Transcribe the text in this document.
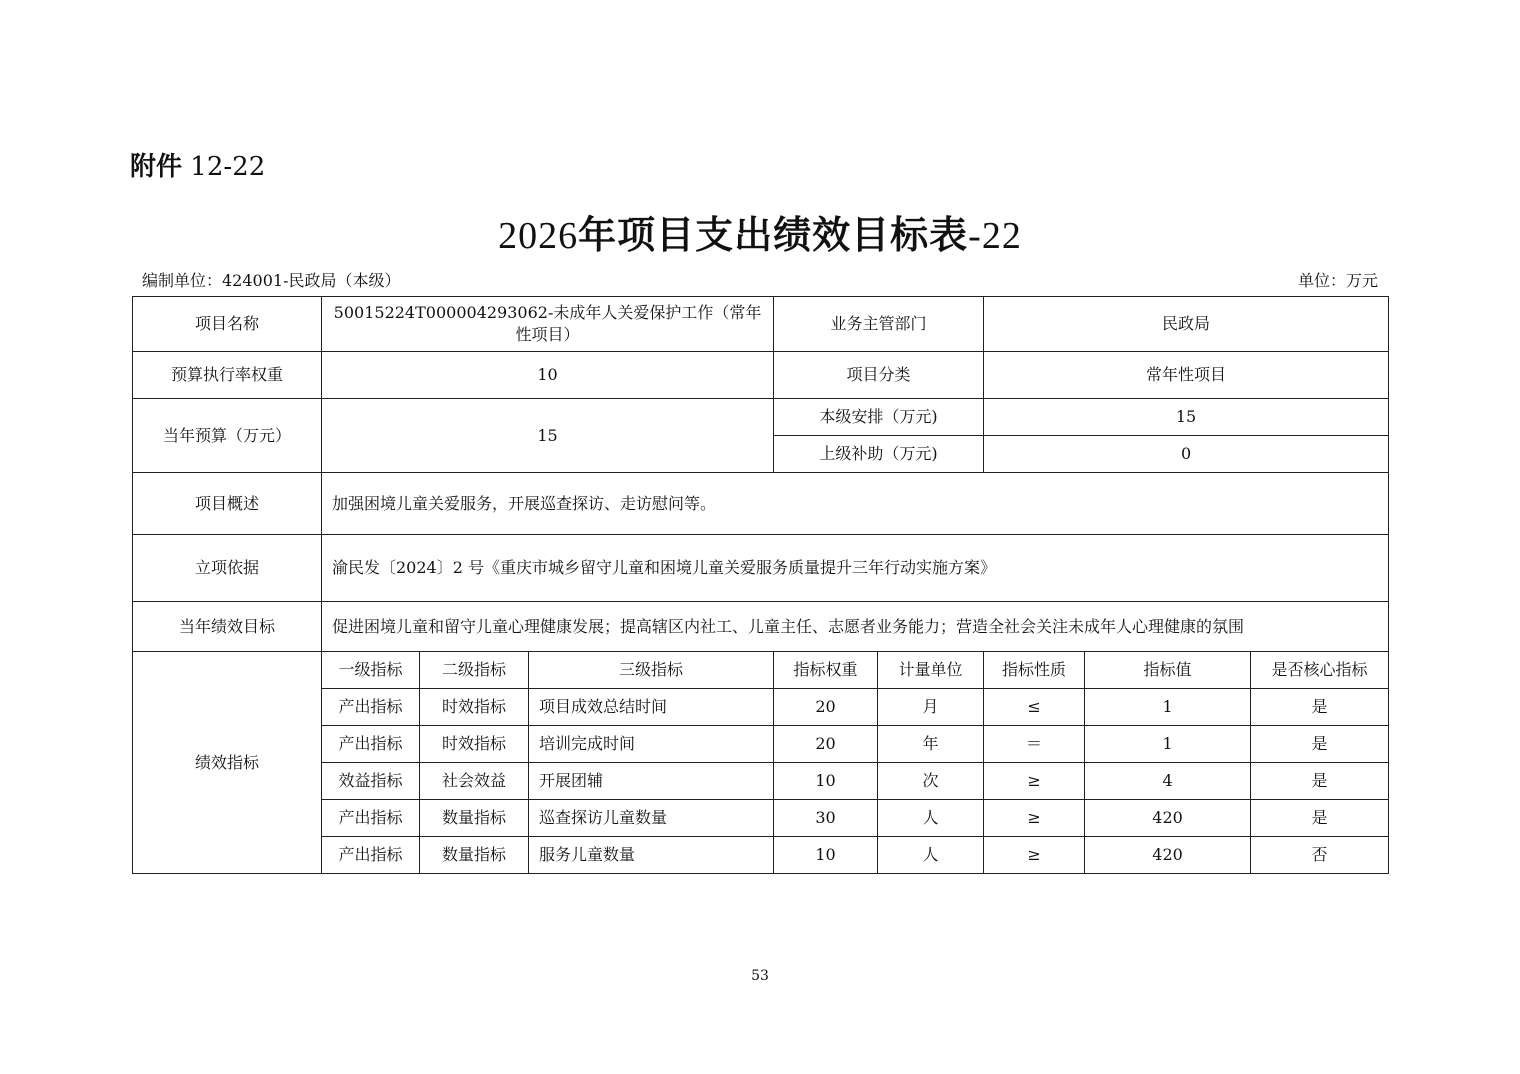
附件 12-22
2026年项目支出绩效目标表-22
编制单位：424001-民政局（本级）	单位：万元
项目名称	50015224T000004293062-未成年人关爱保护工作（常年性项目）			业务主管部门		民政局		
预算执行率权重	10			项目分类		常年性项目		
当年预算（万元）	15			本级安排（万元)		15		
				上级补助（万元)		0		
项目概述	加强困境儿童关爱服务，开展巡查探访、走访慰问等。							
立项依据	渝民发〔2024〕2 号《重庆市城乡留守儿童和困境儿童关爱服务质量提升三年行动实施方案》							
当年绩效目标	促进困境儿童和留守儿童心理健康发展；提高辖区内社工、儿童主任、志愿者业务能力；营造全社会关注未成年人心理健康的氛围							
绩效指标	一级指标	二级指标	三级指标	指标权重	计量单位	指标性质	指标值	是否核心指标
	产出指标	时效指标	项目成效总结时间	20	月	≤	1	是
	产出指标	时效指标	培训完成时间	20	年	＝	1	是
	效益指标	社会效益	开展团辅	10	次	≥	4	是
	产出指标	数量指标	巡查探访儿童数量	30	人	≥	420	是
	产出指标	数量指标	服务儿童数量	10	人	≥	420	否
53
